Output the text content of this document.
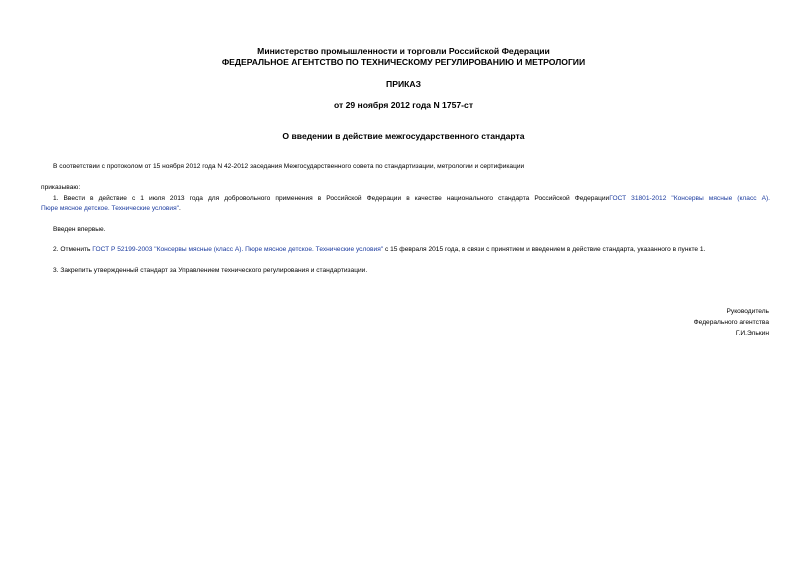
Министерство промышленности и торговли Российской Федерации
ФЕДЕРАЛЬНОЕ АГЕНТСТВО ПО ТЕХНИЧЕСКОМУ РЕГУЛИРОВАНИЮ И МЕТРОЛОГИИ
ПРИКАЗ
от 29 ноября 2012 года N 1757-ст
О введении в действие межгосударственного стандарта
В соответствии с протоколом от 15 ноября 2012 года N 42-2012 заседания Межгосударственного совета по стандартизации, метрологии и сертификации
приказываю:
1. Ввести в действие с 1 июля 2013 года для добровольного применения в Российской Федерации в качестве национального стандарта Российской ФедерацииГОСТ 31801-2012 "Консервы мясные (класс А).
Пюре мясное детское. Технические условия".
Введен впервые.
2. Отменить ГОСТ Р 52199-2003 "Консервы мясные (класс А). Пюре мясное детское. Технические условия" с 15 февраля 2015 года, в связи с принятием и введением в действие стандарта, указанного в пункте 1.
3. Закрепить утвержденный стандарт за Управлением технического регулирования и стандартизации.
Руководитель
Федерального агентства
Г.И.Элькин
